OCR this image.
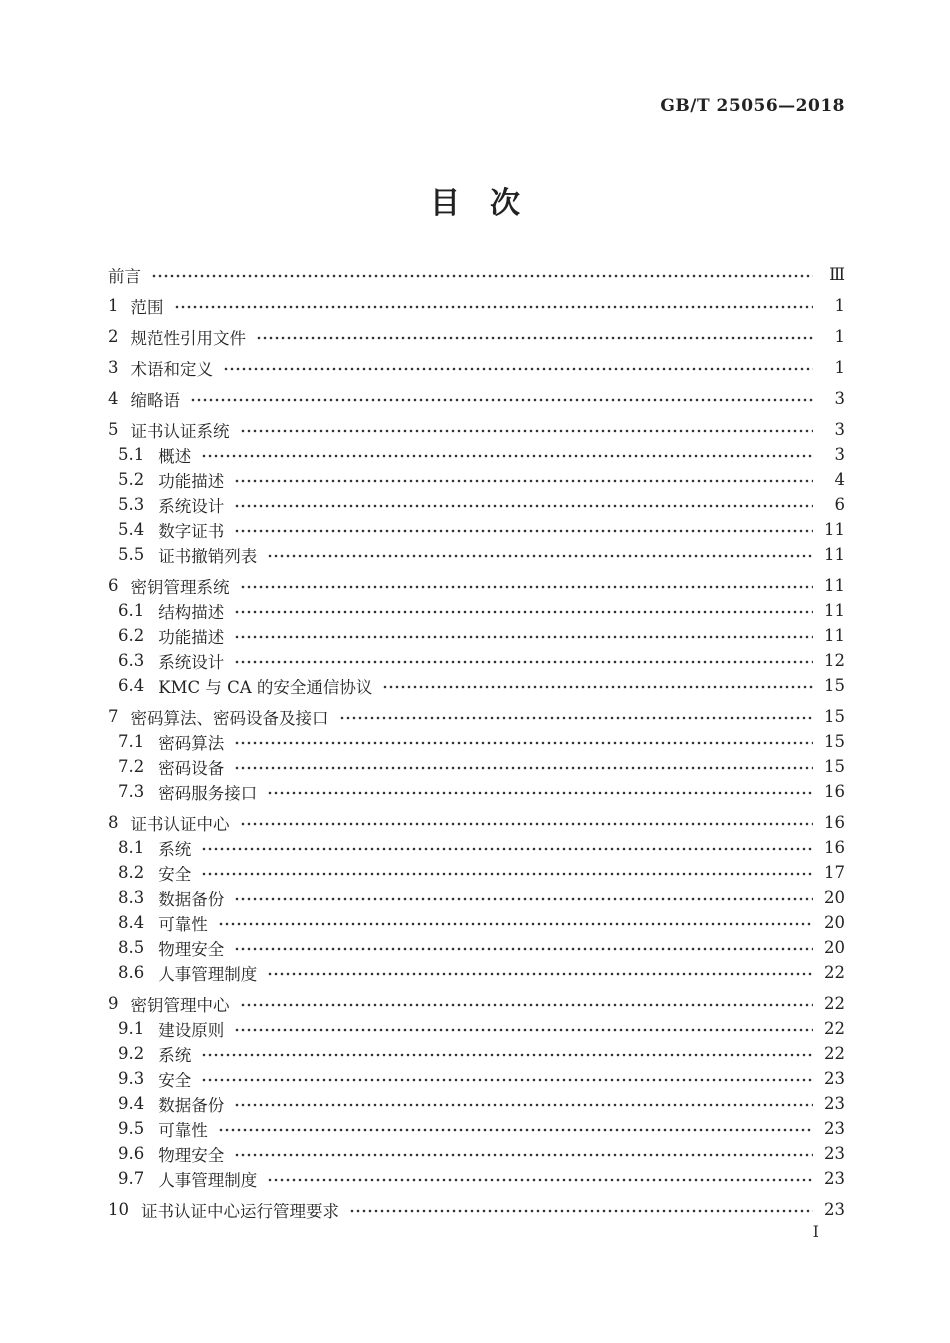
GB/T 25056—2018
目　次
前言	Ⅲ
1 范围	1
2 规范性引用文件	1
3 术语和定义	1
4 缩略语	3
5 证书认证系统	3
5.1 概述	3
5.2 功能描述	4
5.3 系统设计	6
5.4 数字证书	11
5.5 证书撤销列表	11
6 密钥管理系统	11
6.1 结构描述	11
6.2 功能描述	11
6.3 系统设计	12
6.4 KMC 与 CA 的安全通信协议	15
7 密码算法、密码设备及接口	15
7.1 密码算法	15
7.2 密码设备	15
7.3 密码服务接口	16
8 证书认证中心	16
8.1 系统	16
8.2 安全	17
8.3 数据备份	20
8.4 可靠性	20
8.5 物理安全	20
8.6 人事管理制度	22
9 密钥管理中心	22
9.1 建设原则	22
9.2 系统	22
9.3 安全	23
9.4 数据备份	23
9.5 可靠性	23
9.6 物理安全	23
9.7 人事管理制度	23
10 证书认证中心运行管理要求	23
Ⅰ
